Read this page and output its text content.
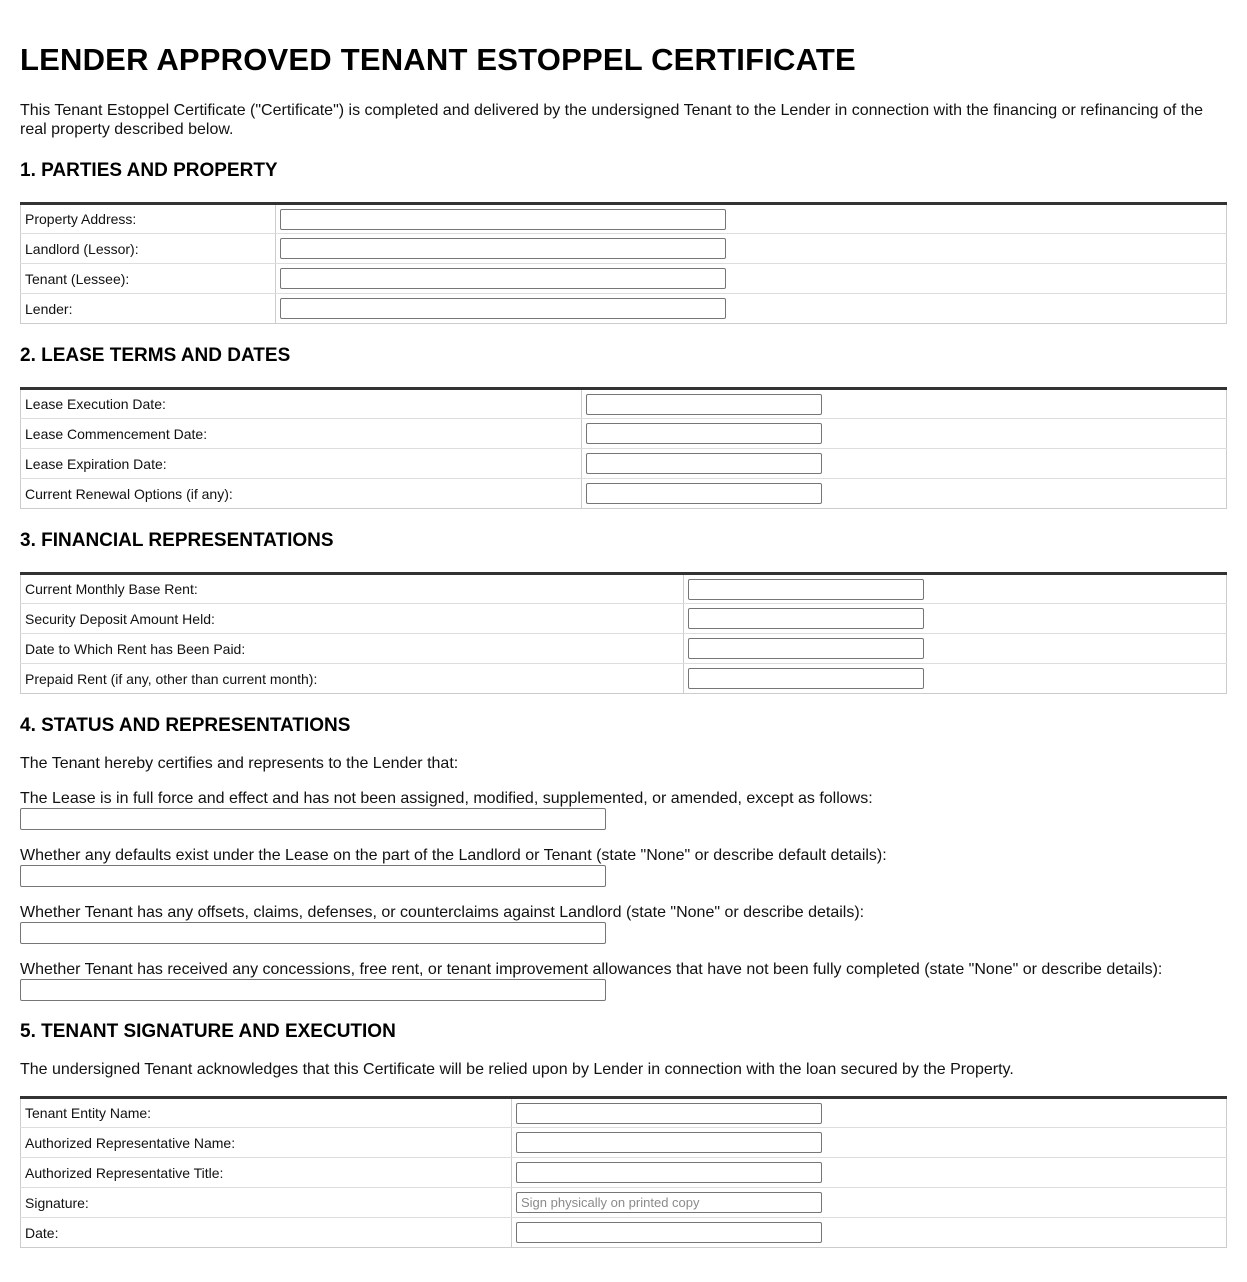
LENDER APPROVED TENANT ESTOPPEL CERTIFICATE

This Tenant Estoppel Certificate ("Certificate") is completed and delivered by the undersigned Tenant to the Lender in connection with the financing or refinancing of the real property described below.

1. PARTIES AND PROPERTY
Property Address:	

Landlord (Lessor):	

Tenant (Lessee):	

Lender:	
2. LEASE TERMS AND DATES
Lease Execution Date:	

Lease Commencement Date:	

Lease Expiration Date:	

Current Renewal Options (if any):	
3. FINANCIAL REPRESENTATIONS
Current Monthly Base Rent:	

Security Deposit Amount Held:	

Date to Which Rent has Been Paid:	

Prepaid Rent (if any, other than current month):	
4. STATUS AND REPRESENTATIONS

The Tenant hereby certifies and represents to the Lender that:

The Lease is in full force and effect and has not been assigned, modified, supplemented, or amended, except as follows:

Whether any defaults exist under the Lease on the part of the Landlord or Tenant (state "None" or describe default details):

Whether Tenant has any offsets, claims, defenses, or counterclaims against Landlord (state "None" or describe details):

Whether Tenant has received any concessions, free rent, or tenant improvement allowances that have not been fully completed (state "None" or describe details):

5. TENANT SIGNATURE AND EXECUTION

The undersigned Tenant acknowledges that this Certificate will be relied upon by Lender in connection with the loan secured by the Property.

Tenant Entity Name:	

Authorized Representative Name:	

Authorized Representative Title:	

Signature:	Sign physically on printed copy

Date:	
